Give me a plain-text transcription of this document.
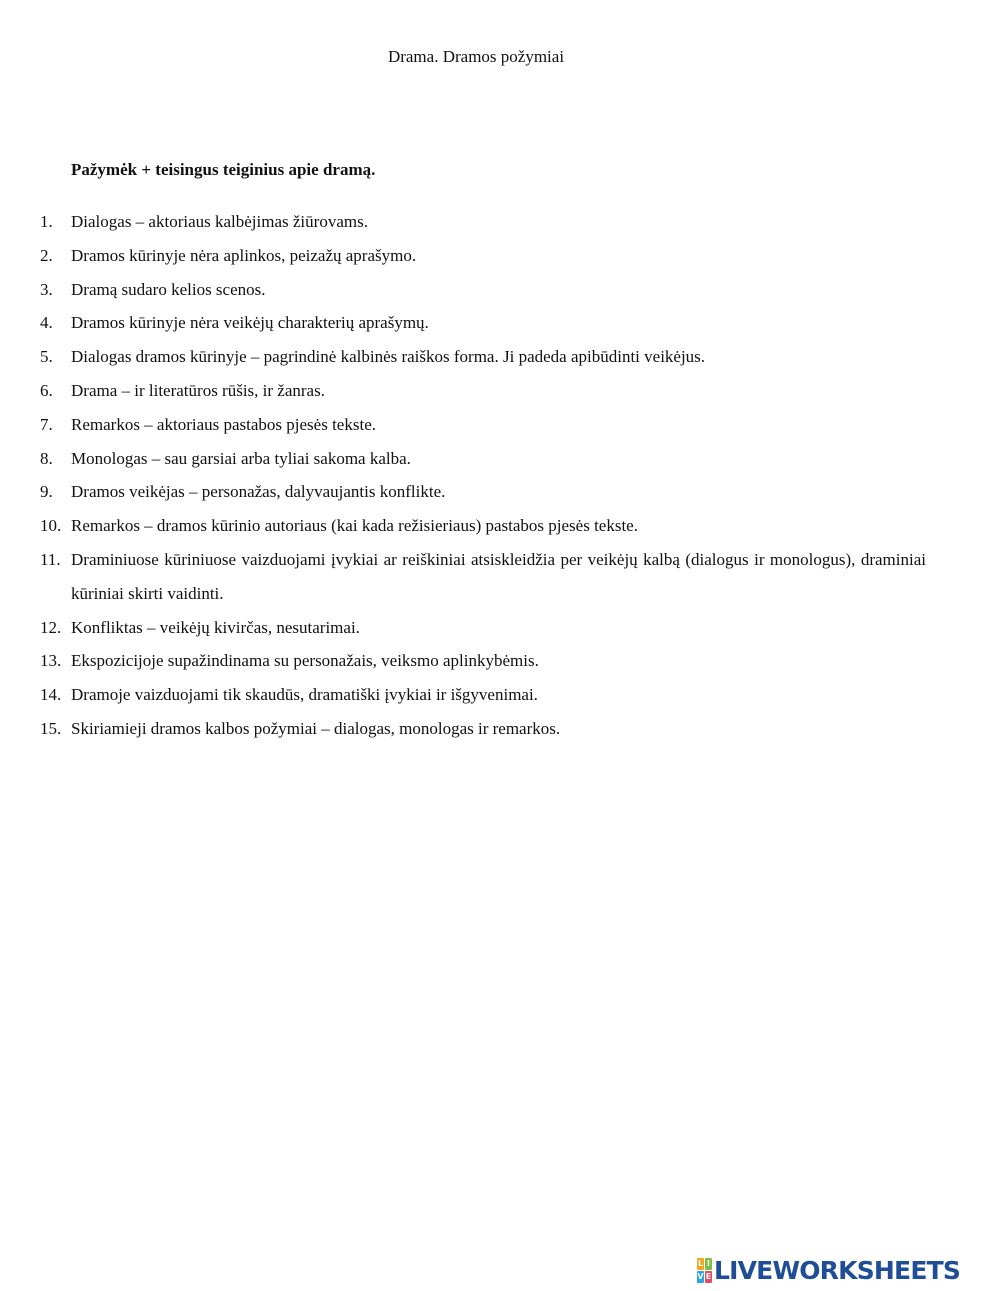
Drama. Dramos požymiai
Pažymėk + teisingus teiginius apie dramą.
1. Dialogas – aktoriaus kalbėjimas žiūrovams.
2. Dramos kūrinyje nėra aplinkos, peizažų aprašymo.
3. Dramą sudaro kelios scenos.
4. Dramos kūrinyje nėra veikėjų charakterių aprašymų.
5. Dialogas dramos kūrinyje – pagrindinė kalbinės raiškos forma. Ji padeda apibūdinti veikėjus.
6. Drama – ir literatūros rūšis, ir žanras.
7. Remarkos – aktoriaus pastabos pjesės tekste.
8. Monologas – sau garsiai arba tyliai sakoma kalba.
9. Dramos veikėjas – personažas, dalyvaujantis konflikte.
10. Remarkos – dramos kūrinio autoriaus (kai kada režisieriaus) pastabos pjesės tekste.
11. Draminiuose kūriniuose vaizduojami įvykiai ar reiškiniai atsiskleidžia per veikėjų kalbą (dialogus ir monologus), draminiai kūriniai skirti vaidinti.
12. Konfliktas – veikėjų kivirčas, nesutarimai.
13. Ekspozicijoje supažindinama su personažais, veiksmo aplinkybėmis.
14. Dramoje vaizduojami tik skaudūs, dramatiški įvykiai ir išgyvenimai.
15. Skiriamieji dramos kalbos požymiai – dialogas, monologas ir remarkos.
L I
V E LIVEWORKSHEETS
